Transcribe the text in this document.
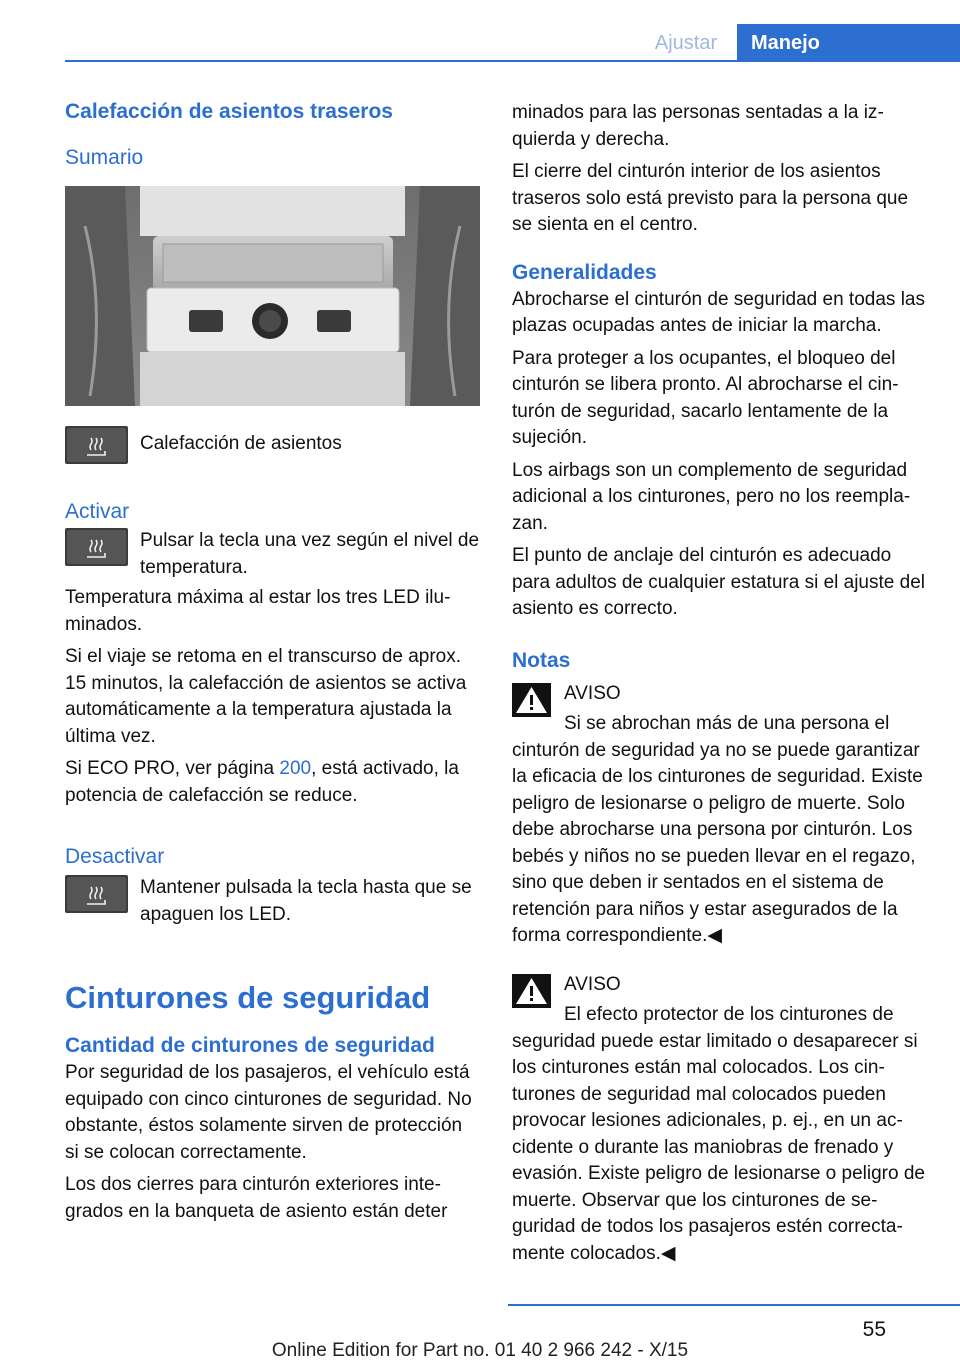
Ajustar	Manejo
Calefacción de asientos traseros
Sumario

Calefacción de asientos

Activar

Pulsar la tecla una vez según el nivel de temperatura.

Temperatura máxima al estar los tres LED iluminados.

Si el viaje se retoma en el transcurso de aprox. 15 minutos, la calefacción de asientos se activa automáticamente a la temperatura ajustada la última vez.

Si ECO PRO, ver página 200, está activado, la potencia de calefacción se reduce.

Desactivar

Mantener pulsada la tecla hasta que se apaguen los LED.

Cinturones de seguridad
Cantidad de cinturones de seguridad

Por seguridad de los pasajeros, el vehículo está equipado con cinco cinturones de seguridad. No obstante, éstos solamente sirven de protección si se colocan correctamente.

Los dos cierres para cinturón exteriores integrados en la banqueta de asiento están deter

minados para las personas sentadas a la izquierda y derecha.

El cierre del cinturón interior de los asientos traseros solo está previsto para la persona que se sienta en el centro.

Generalidades

Abrocharse el cinturón de seguridad en todas las plazas ocupadas antes de iniciar la marcha.

Para proteger a los ocupantes, el bloqueo del cinturón se libera pronto. Al abrocharse el cinturón de seguridad, sacarlo lentamente de la sujeción.

Los airbags son un complemento de seguridad adicional a los cinturones, pero no los reemplazan.

El punto de anclaje del cinturón es adecuado para adultos de cualquier estatura si el ajuste del asiento es correcto.

Notas

AVISO

Si se abrochan más de una persona el cinturón de seguridad ya no se puede garantizar la eficacia de los cinturones de seguridad. Existe peligro de lesionarse o peligro de muerte. Solo debe abrocharse una persona por cinturón. Los bebés y niños no se pueden llevar en el regazo, sino que deben ir sentados en el sistema de retención para niños y estar asegurados de la forma correspondiente.◀

AVISO

El efecto protector de los cinturones de seguridad puede estar limitado o desaparecer si los cinturones están mal colocados. Los cinturones de seguridad mal colocados pueden provocar lesiones adicionales, p. ej., en un accidente o durante las maniobras de frenado y evasión. Existe peligro de lesionarse o peligro de muerte. Observar que los cinturones de seguridad de todos los pasajeros estén correctamente colocados.◀

55
Online Edition for Part no. 01 40 2 966 242 - X/15
